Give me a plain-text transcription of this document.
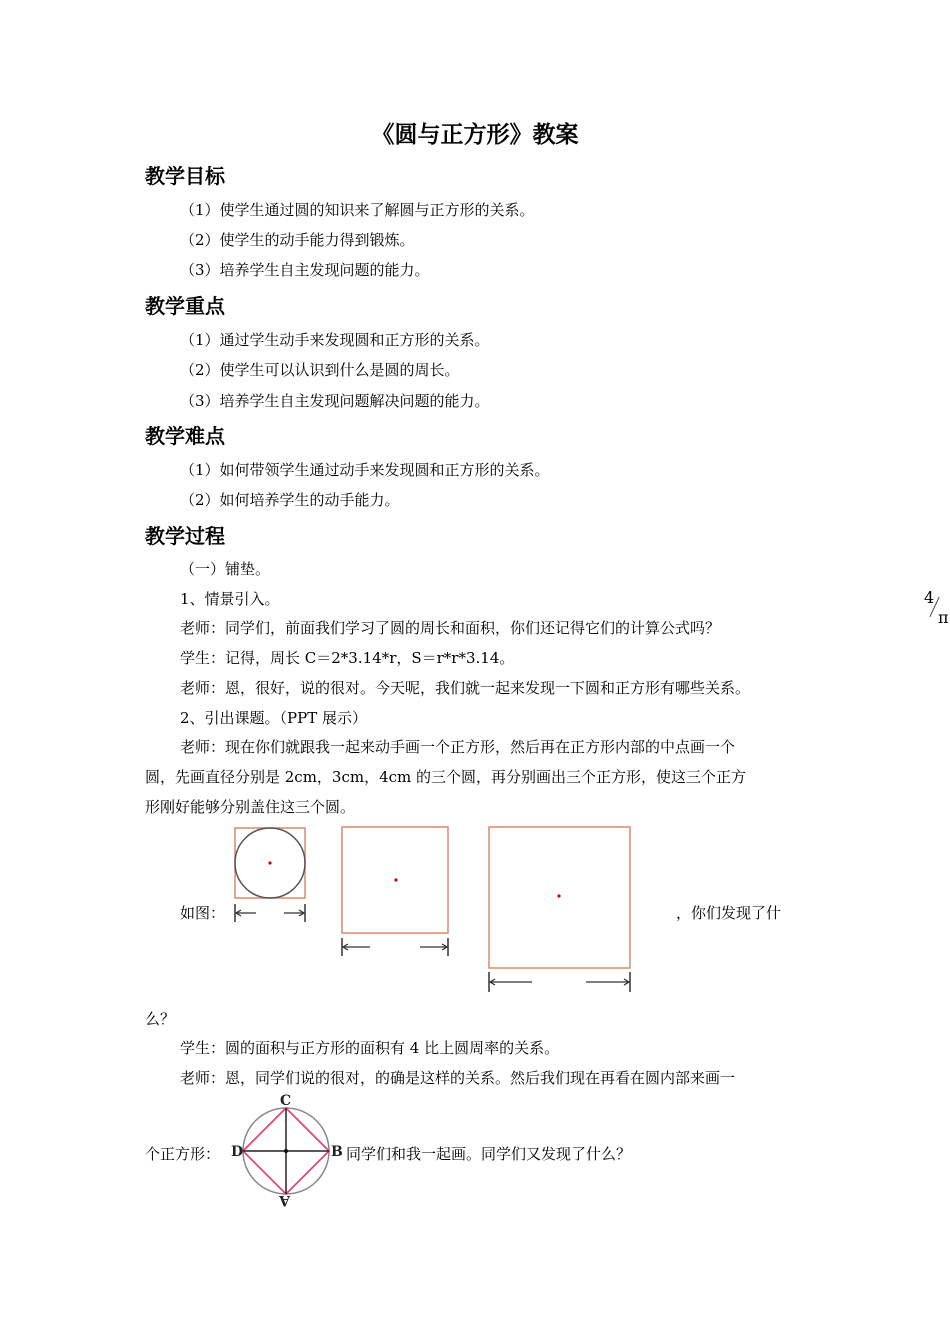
《圆与正方形》教案
教学目标
（1）使学生通过圆的知识来了解圆与正方形的关系。
（2）使学生的动手能力得到锻炼。
（3）培养学生自主发现问题的能力。
教学重点
（1）通过学生动手来发现圆和正方形的关系。
（2）使学生可以认识到什么是圆的周长。
（3）培养学生自主发现问题解决问题的能力。
教学难点
（1）如何带领学生通过动手来发现圆和正方形的关系。
（2）如何培养学生的动手能力。
教学过程
（一）铺垫。
1、情景引入。
老师：同学们，前面我们学习了圆的周长和面积，你们还记得它们的计算公式吗？
学生：记得，周长 C＝2*3.14*r，S＝r*r*3.14。
老师：恩，很好，说的很对。今天呢，我们就一起来发现一下圆和正方形有哪些关系。
2、引出课题。（PPT 展示）
老师：现在你们就跟我一起来动手画一个正方形，然后再在正方形内部的中点画一个
圆，先画直径分别是 2cm，3cm，4cm 的三个圆，再分别画出三个正方形，使这三个正方
形刚好能够分别盖住这三个圆。
4
π
如图：	，你们发现了什
么？
学生：圆的面积与正方形的面积有 4 比上圆周率的关系。
老师：恩，同学们说的很对，的确是这样的关系。然后我们现在再看在圆内部来画一
个正方形：
C
D	B
A
同学们和我一起画。同学们又发现了什么？
